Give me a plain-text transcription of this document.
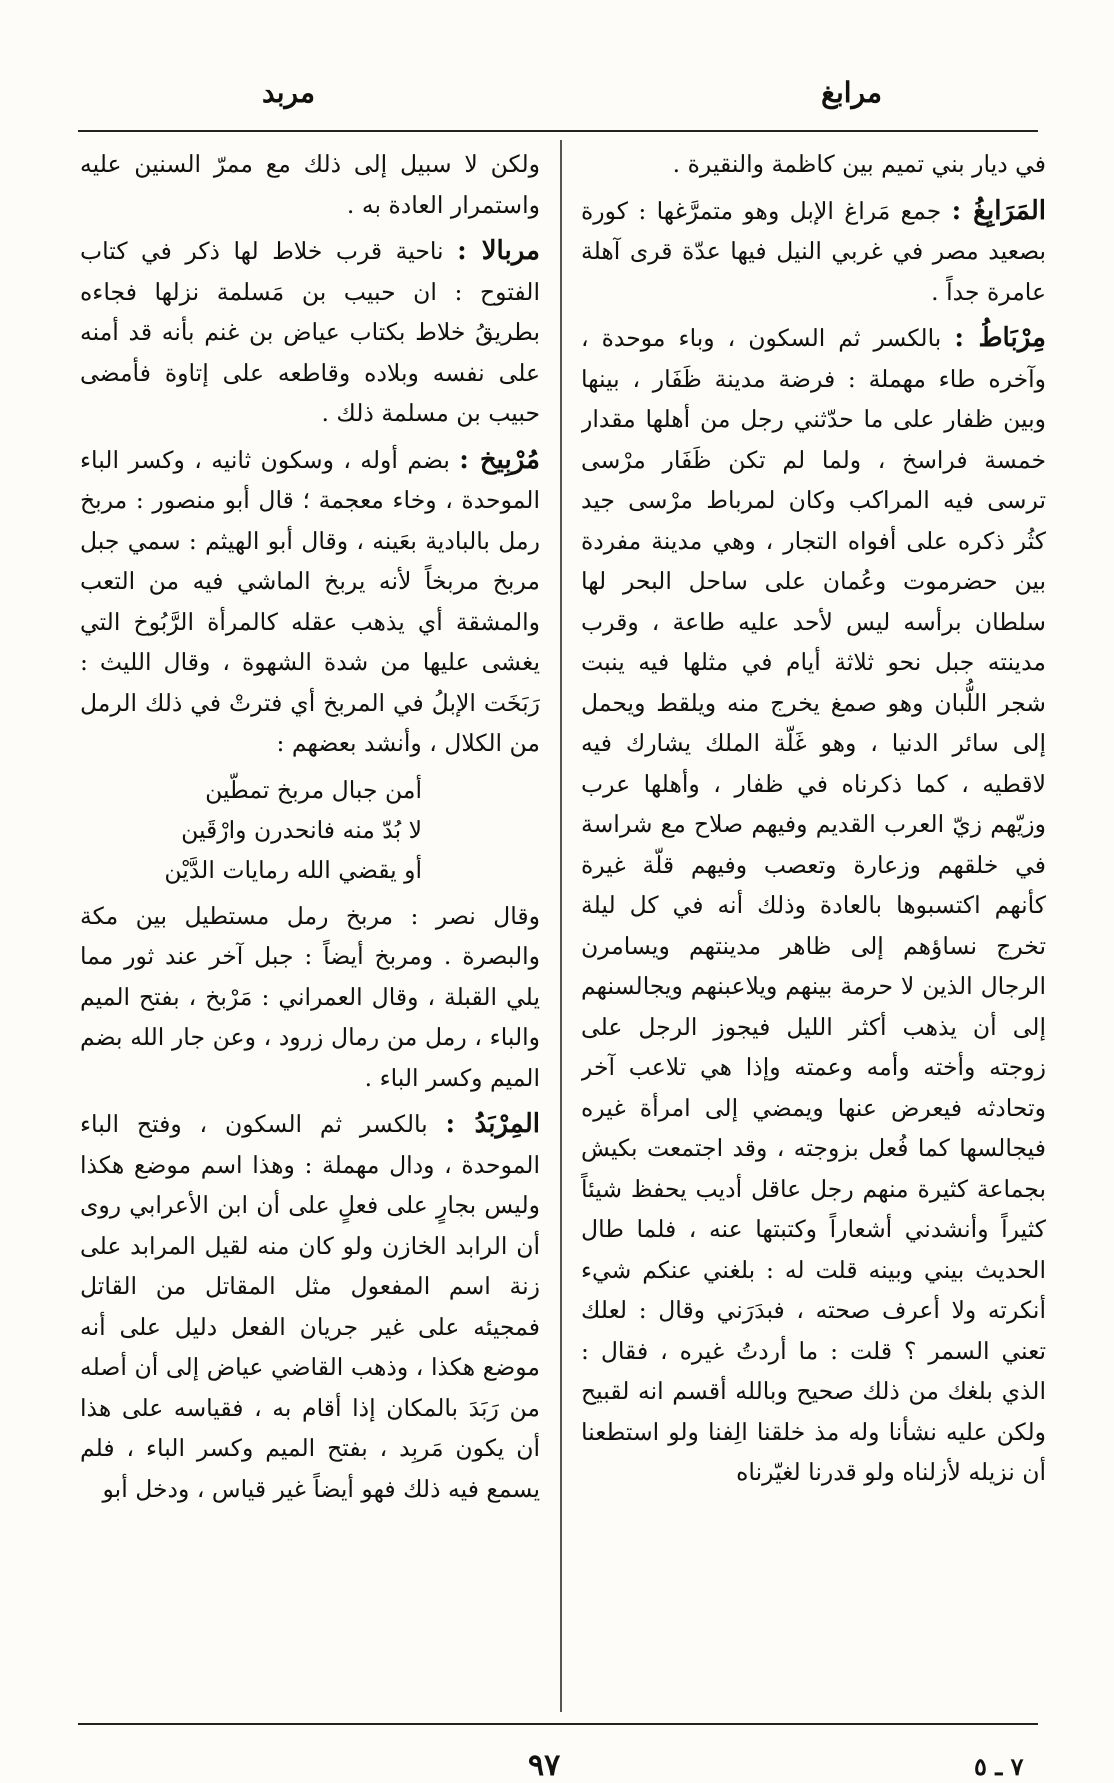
مرابغ
مربد

في ديار بني تميم بين كاظمة والنقيرة .

المَرَابِغُ : جمع مَراغ الإبل وهو متمرَّغها : كورة بصعيد مصر في غربي النيل فيها عدّة قرى آهلة عامرة جداً .

مِرْبَاطُ : بالكسر ثم السكون ، وباء موحدة ، وآخره طاء مهملة : فرضة مدينة ظَفَار ، بينها وبين ظفار على ما حدّثني رجل من أهلها مقدار خمسة فراسخ ، ولما لم تكن ظَفَار مرْسى ترسى فيه المراكب وكان لمرباط مرْسى جيد كثُر ذكره على أفواه التجار ، وهي مدينة مفردة بين حضرموت وعُمان على ساحل البحر لها سلطان برأسه ليس لأحد عليه طاعة ، وقرب مدينته جبل نحو ثلاثة أيام في مثلها فيه ينبت شجر اللُّبان وهو صمغ يخرج منه ويلقط ويحمل إلى سائر الدنيا ، وهو غَلّة الملك يشارك فيه لاقطيه ، كما ذكرناه في ظفار ، وأهلها عرب وزيّهم زيّ العرب القديم وفيهم صلاح مع شراسة في خلقهم وزعارة وتعصب وفيهم قلّة غيرة كأنهم اكتسبوها بالعادة وذلك أنه في كل ليلة تخرج نساؤهم إلى ظاهر مدينتهم ويسامرن الرجال الذين لا حرمة بينهم ويلاعبنهم ويجالسنهم إلى أن يذهب أكثر الليل فيجوز الرجل على زوجته وأخته وأمه وعمته وإذا هي تلاعب آخر وتحادثه فيعرض عنها ويمضي إلى امرأة غيره فيجالسها كما فُعل بزوجته ، وقد اجتمعت بكيش بجماعة كثيرة منهم رجل عاقل أديب يحفظ شيئاً كثيراً وأنشدني أشعاراً وكتبتها عنه ، فلما طال الحديث بيني وبينه قلت له : بلغني عنكم شيء أنكرته ولا أعرف صحته ، فبدَرَني وقال : لعلك تعني السمر ؟ قلت : ما أردتُ غيره ، فقال : الذي بلغك من ذلك صحيح وبالله أقسم انه لقبيح ولكن عليه نشأنا وله مذ خلقنا الِفنا ولو استطعنا أن نزيله لأزلناه ولو قدرنا لغيّرناه

ولكن لا سبيل إلى ذلك مع ممرّ السنين عليه واستمرار العادة به .

مربالا : ناحية قرب خلاط لها ذكر في كتاب الفتوح : ان حبيب بن مَسلمة نزلها فجاءه بطريقُ خلاط بكتاب عياض بن غنم بأنه قد أمنه على نفسه وبلاده وقاطعه على إتاوة فأمضى حبيب بن مسلمة ذلك .

مُرْبِيخ : بضم أوله ، وسكون ثانيه ، وكسر الباء الموحدة ، وخاء معجمة ؛ قال أبو منصور : مربخ رمل بالبادية بعَينه ، وقال أبو الهيثم : سمي جبل مربخ مربخاً لأنه يربخ الماشي فيه من التعب والمشقة أي يذهب عقله كالمرأة الرَّبُوخ التي يغشى عليها من شدة الشهوة ، وقال الليث : رَبَخَت الإبلُ في المربخ أي فترتْ في ذلك الرمل من الكلال ، وأنشد بعضهم :

أمن جبال مربخ تمطّين
لا بُدّ منه فانحدرن وارْقَين
أو يقضي الله رمايات الدَّيْن

وقال نصر : مربخ رمل مستطيل بين مكة والبصرة . ومربخ أيضاً : جبل آخر عند ثور مما يلي القبلة ، وقال العمراني : مَرْبخ ، بفتح الميم والباء ، رمل من رمال زرود ، وعن جار الله بضم الميم وكسر الباء .

المِرْبَدُ : بالكسر ثم السكون ، وفتح الباء الموحدة ، ودال مهملة : وهذا اسم موضع هكذا وليس بجارٍ على فعلٍ على أن ابن الأعرابي روى أن الرابد الخازن ولو كان منه لقيل المرابد على زنة اسم المفعول مثل المقاتل من القاتل فمجيئه على غير جريان الفعل دليل على أنه موضع هكذا ، وذهب القاضي عياض إلى أن أصله من رَبَدَ بالمكان إذا أقام به ، فقياسه على هذا أن يكون مَربِد ، بفتح الميم وكسر الباء ، فلم يسمع فيه ذلك فهو أيضاً غير قياس ، ودخل أبو

٩٧	٧ ـ ٥
